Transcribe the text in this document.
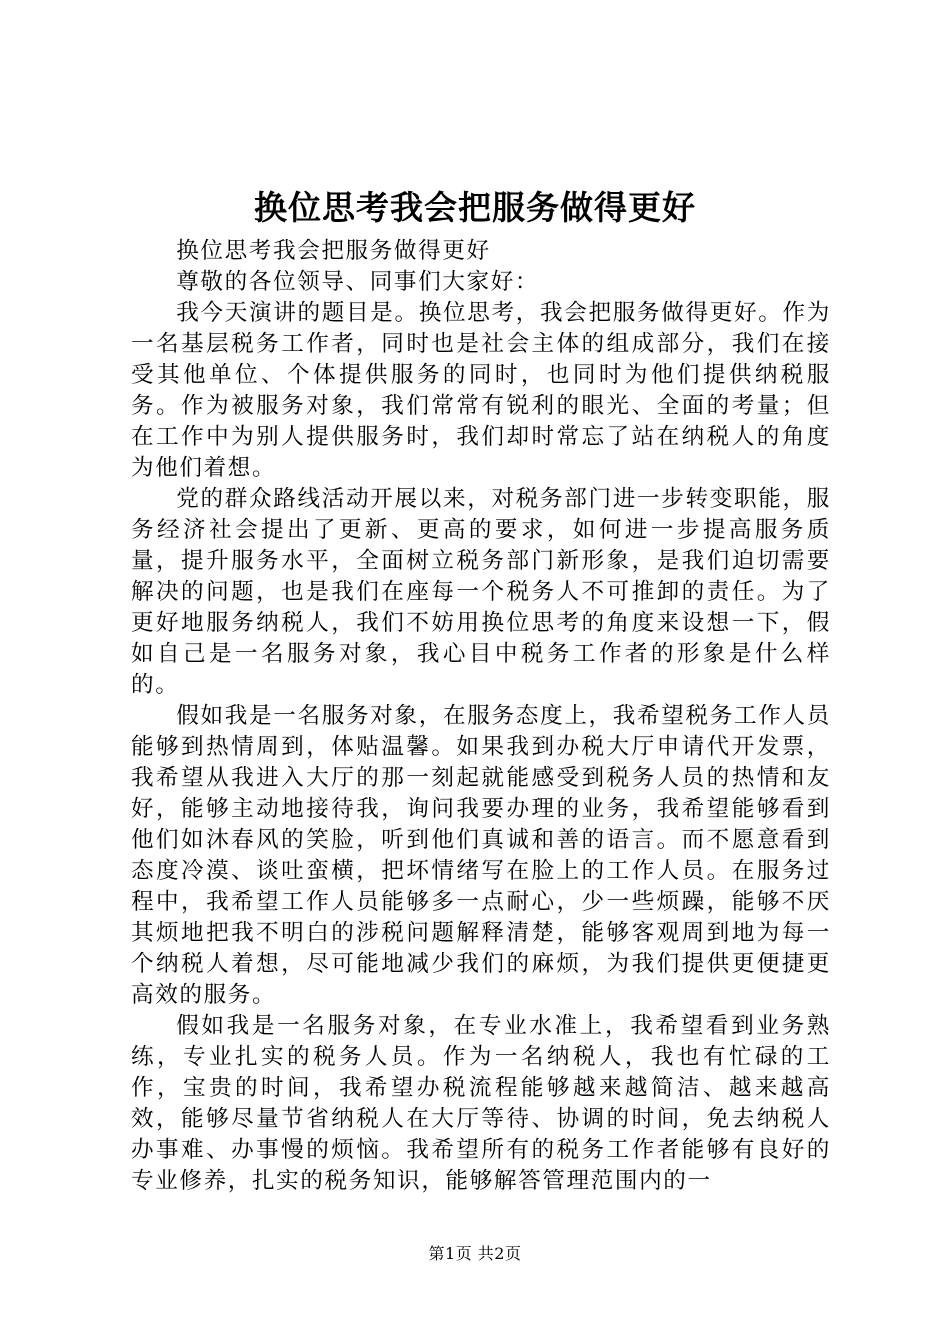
换位思考我会把服务做得更好

换位思考我会把服务做得更好

尊敬的各位领导、同事们大家好：

我今天演讲的题目是。换位思考，我会把服务做得更好。作为一名基层税务工作者，同时也是社会主体的组成部分，我们在接受其他单位、个体提供服务的同时，也同时为他们提供纳税服务。作为被服务对象，我们常常有锐利的眼光、全面的考量；但在工作中为别人提供服务时，我们却时常忘了站在纳税人的角度为他们着想。

党的群众路线活动开展以来，对税务部门进一步转变职能，服务经济社会提出了更新、更高的要求，如何进一步提高服务质量，提升服务水平，全面树立税务部门新形象，是我们迫切需要解决的问题，也是我们在座每一个税务人不可推卸的责任。为了更好地服务纳税人，我们不妨用换位思考的角度来设想一下，假如自己是一名服务对象，我心目中税务工作者的形象是什么样的。

假如我是一名服务对象，在服务态度上，我希望税务工作人员能够到热情周到，体贴温馨。如果我到办税大厅申请代开发票，我希望从我进入大厅的那一刻起就能感受到税务人员的热情和友好，能够主动地接待我，询问我要办理的业务，我希望能够看到他们如沐春风的笑脸，听到他们真诚和善的语言。而不愿意看到态度冷漠、谈吐蛮横，把坏情绪写在脸上的工作人员。在服务过程中，我希望工作人员能够多一点耐心，少一些烦躁，能够不厌其烦地把我不明白的涉税问题解释清楚，能够客观周到地为每一个纳税人着想，尽可能地减少我们的麻烦，为我们提供更便捷更高效的服务。

假如我是一名服务对象，在专业水准上，我希望看到业务熟练，专业扎实的税务人员。作为一名纳税人，我也有忙碌的工作，宝贵的时间，我希望办税流程能够越来越简洁、越来越高效，能够尽量节省纳税人在大厅等待、协调的时间，免去纳税人办事难、办事慢的烦恼。我希望所有的税务工作者能够有良好的专业修养，扎实的税务知识，能够解答管理范围内的一

第1页 共2页
